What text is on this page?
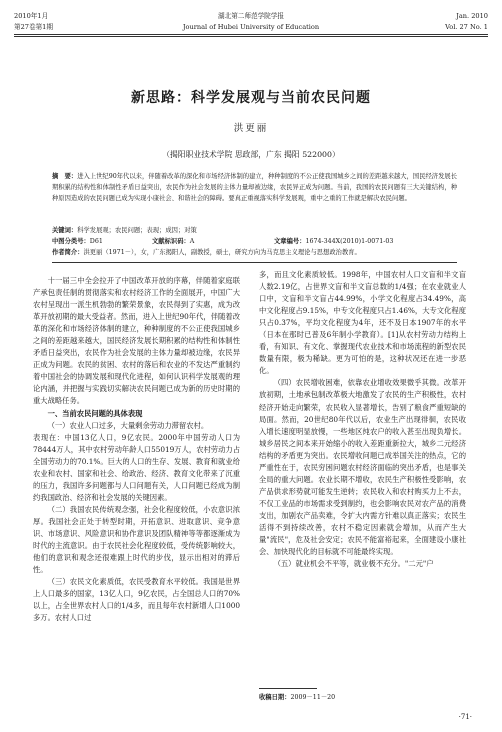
2010年1月	湖北第二师范学院学报	Jan. 2010
第27卷第1期	Journal of Hubei University of Education	Vol. 27 No. 1
新思路：科学发展观与当前农民问题
洪更丽
（揭阳职业技术学院 思政部，广东 揭阳 522000）
摘　要：进入上世纪90年代以来，伴随着改革的深化和市场经济体制的建立，种种制度的不公正使我国城乡之间的差距越来越大，国民经济发展长期积累的结构性和体制性矛盾日益突出，农民作为社会发展的主体力量却被边缘，农民异正成为问题。当前，我国的农民问题有三大关键结构，种种原因造成的农民问题已成为实现小康社会、和谐社会的障碍。要真正重视落实科学发展观，重中之重的工作就是解决农民问题。
关键词：科学发展观；农民问题；表现；成因；对策
中图分类号：D61	文献标识码：A	文章编号：1674-344X(2010)1-0071-03
作者简介：洪更丽（1971－），女，广东揭阳人，副教授，硕士，研究方向为马克思主义理论与思想政治教育。

十一届三中全会拉开了中国改革开放的序幕，伴随着家庭联产承包责任制的贯彻落实和农村经济工作的全面展开，中国广大农村呈现出一派生机勃勃的繁荣景象，农民得到了实惠，成为改革开放初期的最大受益者。然而，进入上世纪90年代，伴随着改革的深化和市场经济体制的建立，种种制度的不公正使我国城乡之间的差距越来越大，国民经济发展长期积累的结构性和体制性矛盾日益突出，农民作为社会发展的主体力量却被边缘，农民异正成为问题。农民的贫困、农村的落后和农业的不发达严重制约着中国社会的协调发展和现代化进程，如何认识科学发展观的理论内涵，并把握与实践切实解决农民问题已成为新的历史时期的重大战略任务。

一、当前农民问题的具体表现

（一）农业人口过多，大量剩余劳动力滞留农村。

表现在：中国13亿人口，9亿农民。2000年中国劳动人口为78444万人，其中农村劳动年龄人口55019万人，农村劳动力占全国劳动力的70.1%。巨大的人口的生存、发展、教育和就业给农业和农村、国家和社会、给政治、经济、教育文化带来了沉重的压力，我国许多问题都与人口问题有关，人口问题已经成为制约我国政治、经济和社会发展的关键因素。

（二）我国农民传统观念强，社会化程度较低，小农意识浓厚。我国社会正处于转型时期，开拓意识、进取意识、竞争意识、市场意识、风险意识和协作意识及团队精神等等都逐渐成为时代的主流意识。由于农民社会化程度较低，受传统影响较大，他们的意识和观念还很难跟上时代的步伐，显示出相对的滞后性。

（三）农民文化素质低，农民受教育水平较低。我国是世界上人口最多的国家，13亿人口，9亿农民，占全国总人口的70%以上，占全世界农村人口的1/4多，而且每年农村新增人口1000多万。农村人口过

多，而且文化素质较低。1998年，中国农村人口文盲和半文盲人数2.19亿，占世界文盲和半文盲总数的1/4强；在农业就业人口中，文盲和半文盲占44.99%，小学文化程度占34.49%，高中文化程度占9.15%，中专文化程度只占1.46%，大专文化程度只占0.37%，平均文化程度为4年，还不及日本1907年的水平（日本在那时已普及6年制小学教育）。[1]从农村劳动力结构上看，有知识、有文化、掌握现代农业技术和市场流程的新型农民数量有限，极为稀缺。更为可怕的是，这种状况还在进一步恶化。

（四）农民增收困难，依靠农业增收效果微乎其微。改革开放初期，土地承包制改革极大地激发了农民的生产积极性，农村经济开始走向繁荣，农民收入显著增长，告别了粮食严重短缺的局面。然而，20世纪80年代以后，农业生产出现徘徊，农民收入增长速度明显放慢，一些地区纯农户的收入甚至出现负增长。城乡居民之间本来开始缩小的收入差距重新拉大，城乡二元经济结构的矛盾更为突出。农民增收问题已成举国关注的热点，它的严重性在于，农民穷困问题农村经济面临的突出矛盾，也是事关全局的重大问题。农业长期不增收，农民生产积极性受影响，农产品供求形势就可能发生逆转；农民收入和农村购买力上不去，不仅工业品的市场需求受到制约，也会影响农民对农产品的消费支出，加剧农产品卖难，令扩大内需方针难以真正落实；农民生活得不到持续改善，农村不稳定因素就会增加，从而产生大量"流民"，危及社会安定；农民不能富裕起来，全面建设小康社会、加快现代化的目标就不可能最终实现。

（五）就业机会不平等，就业极不充分。"二元"户

收稿日期：2009－11－20
·71·
